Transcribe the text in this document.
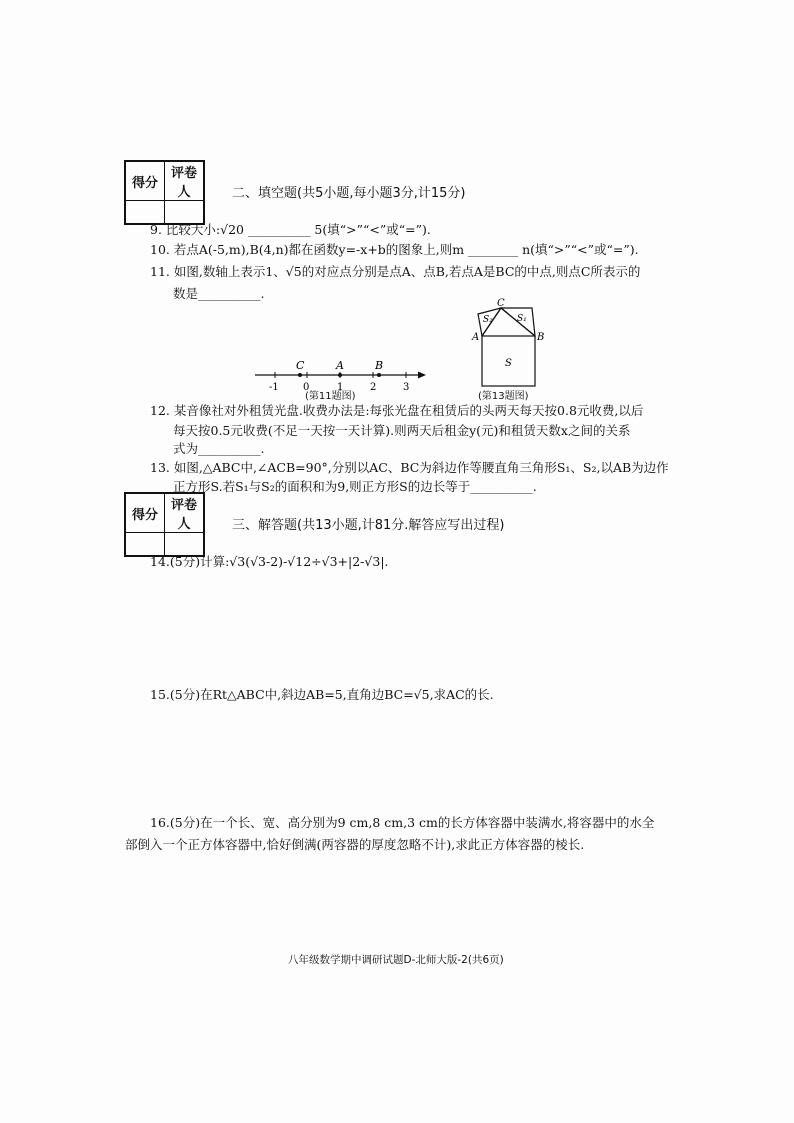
得分	评卷人
		二、填空题(共5小题,每小题3分,计15分)
9. 比较大小:√20 __________ 5(填“>”“<”或“=”).
10. 若点A(-5,m),B(4,n)都在函数y=-x+b的图象上,则m ________ n(填“>”“<”或“=”).
11. 如图,数轴上表示1、√5的对应点分别是点A、点B,若点A是BC的中点,则点C所表示的
数是__________.
C	A	B
-1 0	1	2	3
(第11题图)
C
A	B
S
S₁
S₂
(第13题图)
12. 某音像社对外租赁光盘.收费办法是:每张光盘在租赁后的头两天每天按0.8元收费,以后
每天按0.5元收费(不足一天按一天计算).则两天后租金y(元)和租赁天数x之间的关系
式为__________.
13. 如图,△ABC中,∠ACB=90°,分别以AC、BC为斜边作等腰直角三角形S₁、S₂,以AB为边作
正方形S.若S₁与S₂的面积和为9,则正方形S的边长等于__________.
得分	评卷人
		三、解答题(共13小题,计81分.解答应写出过程)
14.(5分)计算:√3(√3-2)-√12÷√3+|2-√3|.
15.(5分)在Rt△ABC中,斜边AB=5,直角边BC=√5,求AC的长.
16.(5分)在一个长、宽、高分别为9 cm,8 cm,3 cm的长方体容器中装满水,将容器中的水全
部倒入一个正方体容器中,恰好倒满(两容器的厚度忽略不计),求此正方体容器的棱长.
八年级数学期中调研试题D-北师大版-2(共6页)
